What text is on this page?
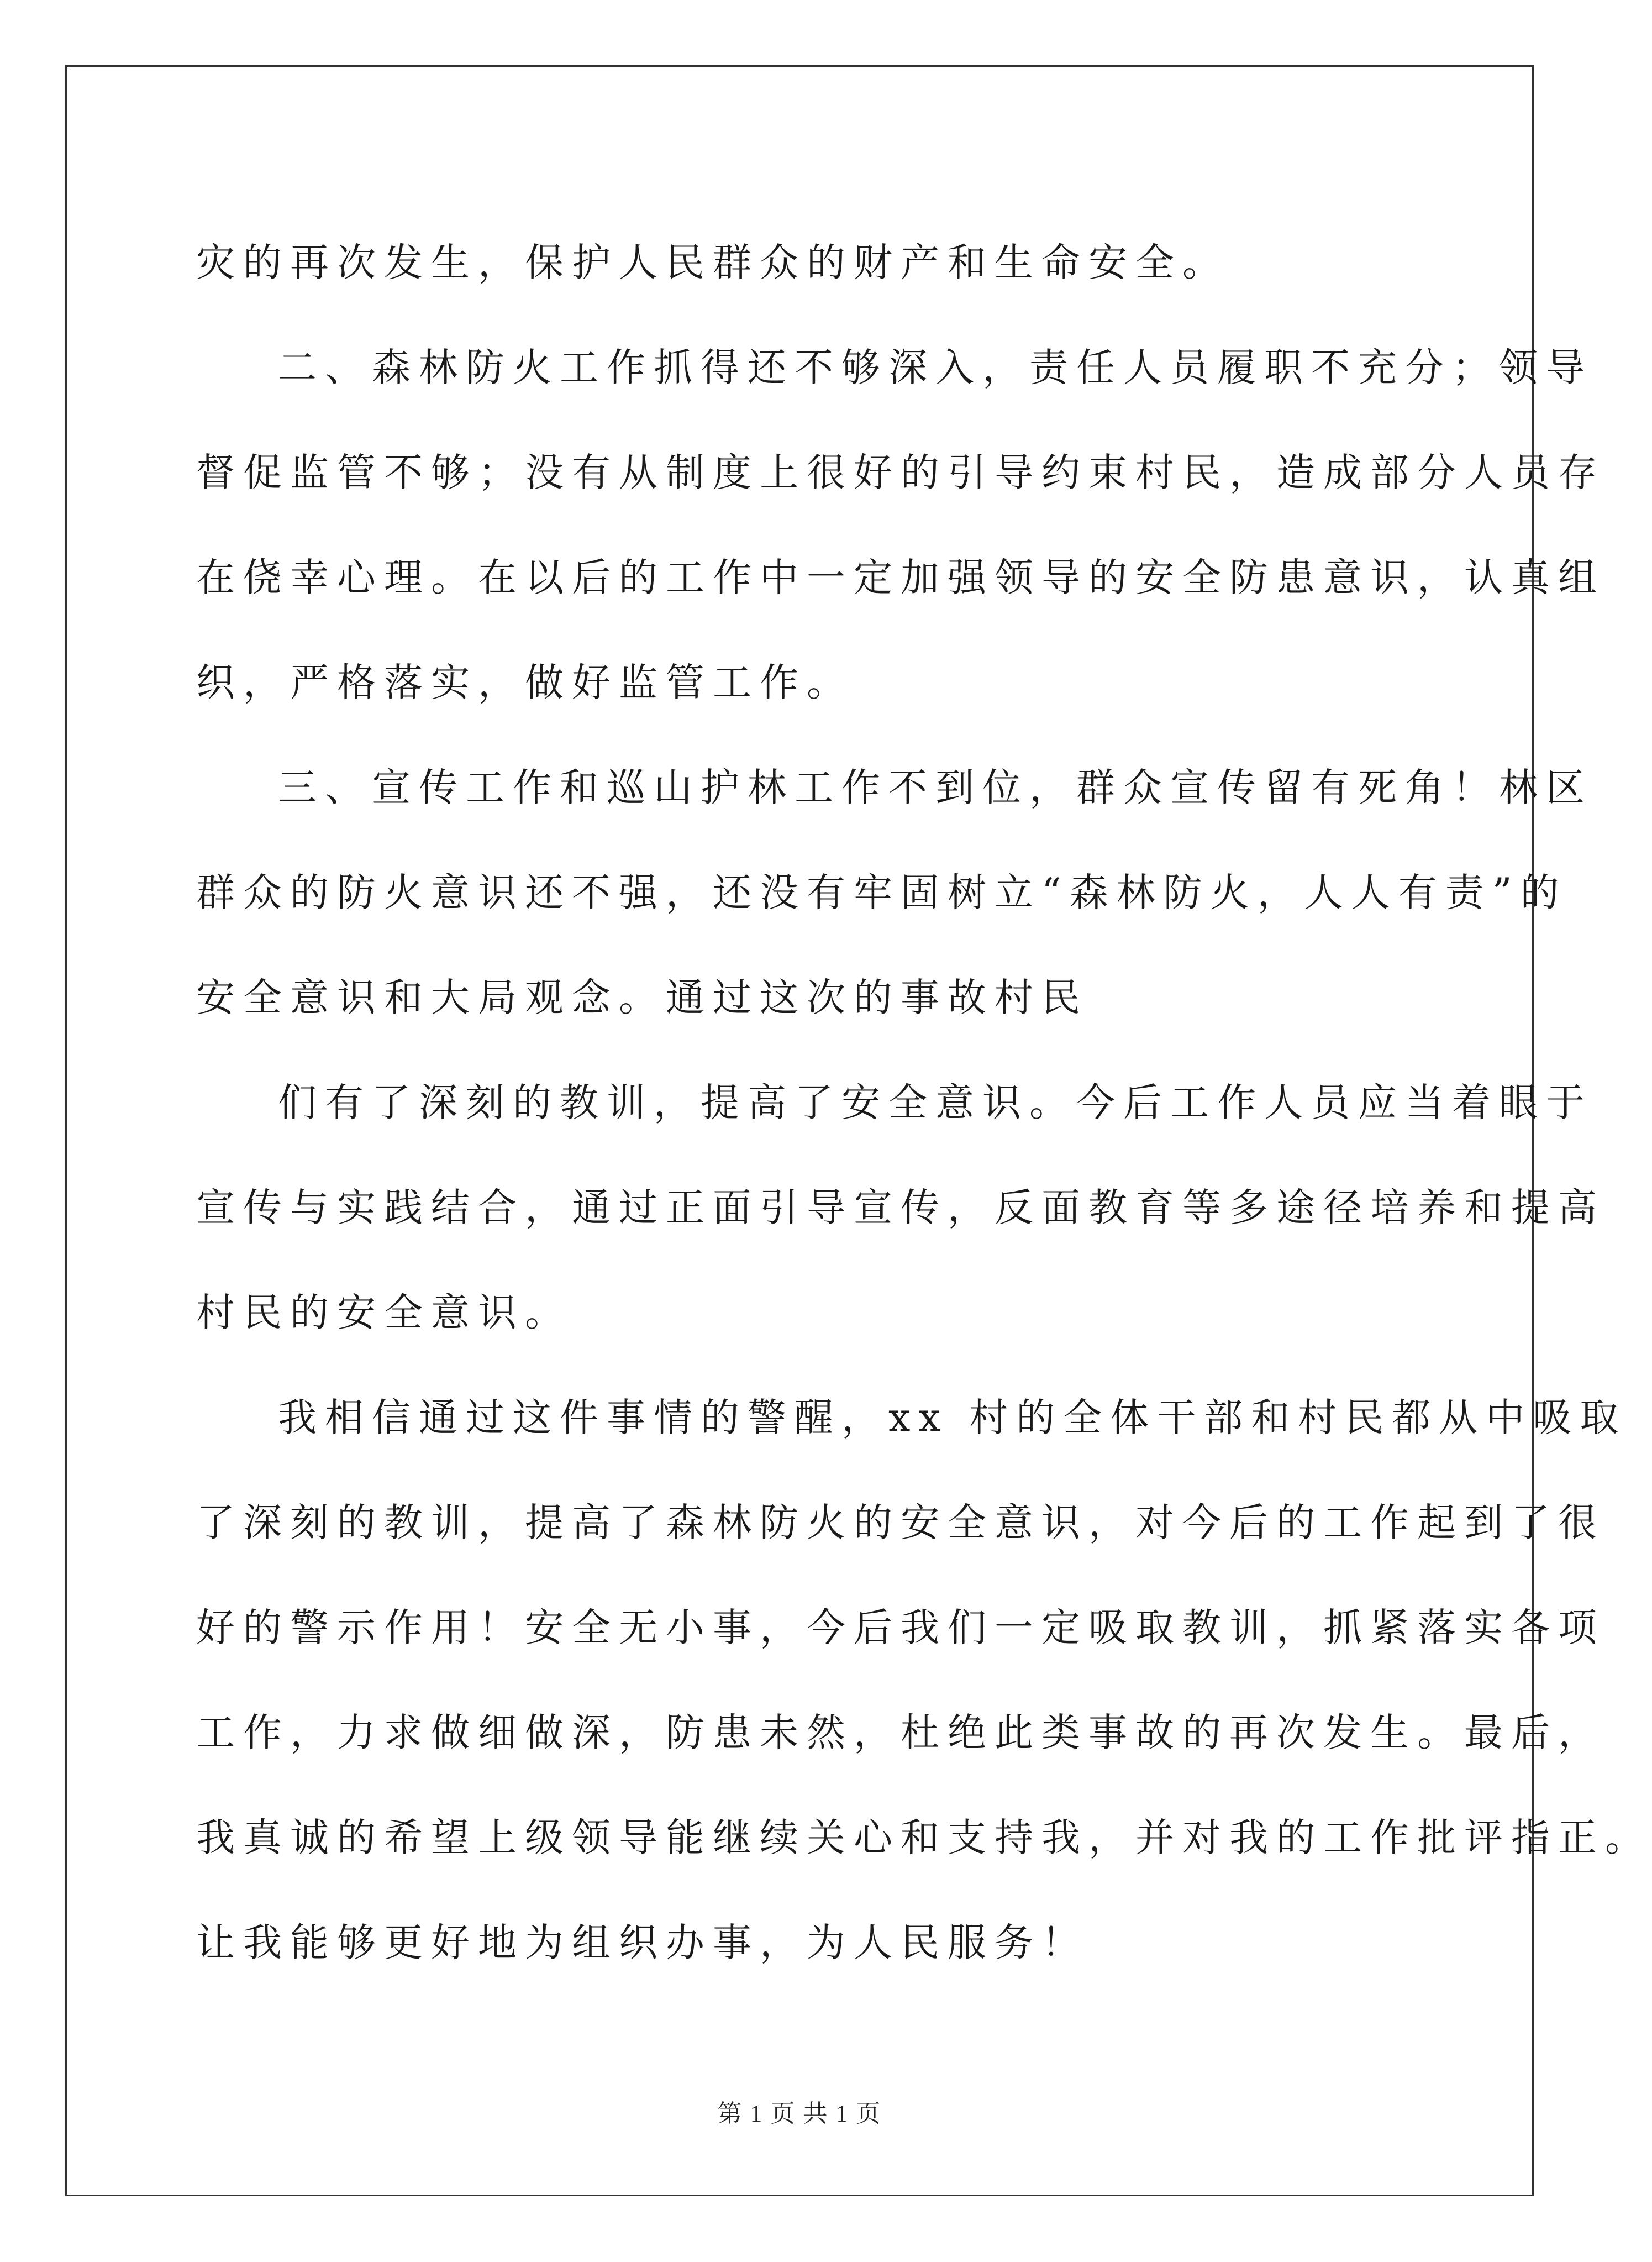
灾的再次发生，保护人民群众的财产和生命安全。
二、森林防火工作抓得还不够深入，责任人员履职不充分；领导
督促监管不够；没有从制度上很好的引导约束村民，造成部分人员存
在侥幸心理。在以后的工作中一定加强领导的安全防患意识，认真组
织，严格落实，做好监管工作。
三、宣传工作和巡山护林工作不到位，群众宣传留有死角！林区
群众的防火意识还不强，还没有牢固树立“森林防火，人人有责”的
安全意识和大局观念。通过这次的事故村民
们有了深刻的教训，提高了安全意识。今后工作人员应当着眼于
宣传与实践结合，通过正面引导宣传，反面教育等多途径培养和提高
村民的安全意识。
我相信通过这件事情的警醒，xx 村的全体干部和村民都从中吸取
了深刻的教训，提高了森林防火的安全意识，对今后的工作起到了很
好的警示作用！安全无小事，今后我们一定吸取教训，抓紧落实各项
工作，力求做细做深，防患未然，杜绝此类事故的再次发生。最后，
我真诚的希望上级领导能继续关心和支持我，并对我的工作批评指正。
让我能够更好地为组织办事，为人民服务！
第 1 页 共 1 页
